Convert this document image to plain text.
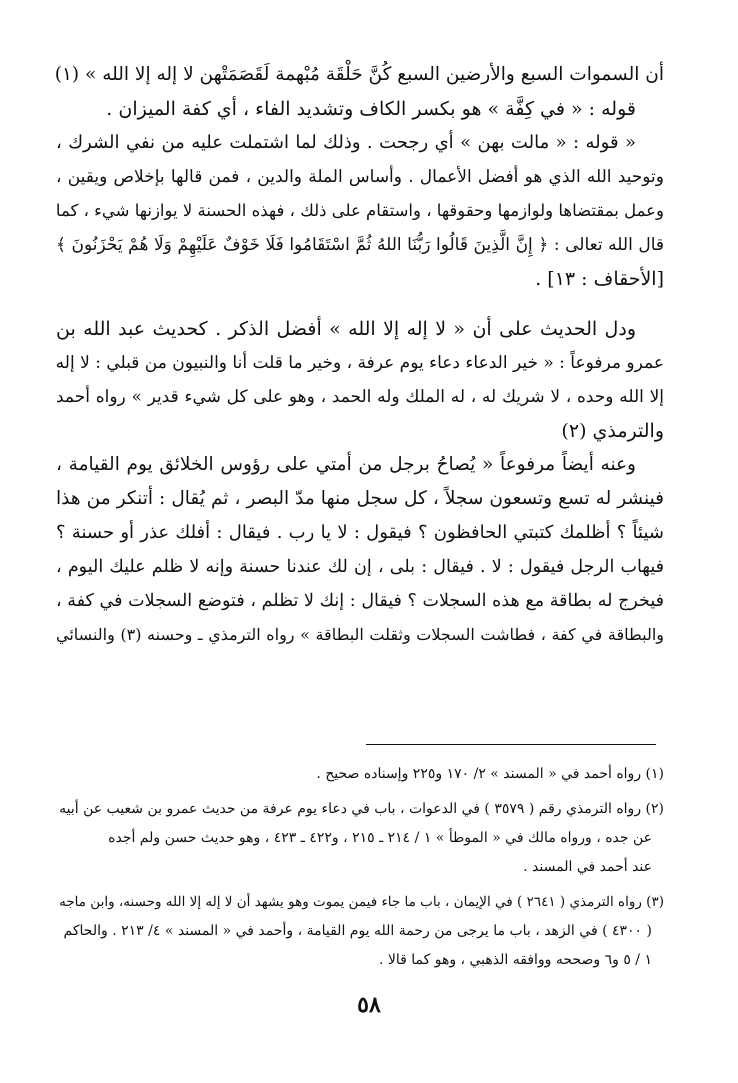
أن السموات السبع والأرضين السبع كُنَّ حَلْقَة مُبْهمة لَقَصَمَتْهن لا إله إلا الله » (١)
قوله : « في كِفَّة » هو بكسر الكاف وتشديد الفاء ، أي كفة الميزان .
« قوله : « مالت بهن » أي رجحت . وذلك لما اشتملت عليه من نفي الشرك ،
وتوحيد الله الذي هو أفضل الأعمال . وأساس الملة والدين ، فمن قالها بإخلاص ويقين ،
وعمل بمقتضاها ولوازمها وحقوقها ، واستقام على ذلك ، فهذه الحسنة لا يوازنها شيء ، كما
قال الله تعالى : ﴿ إِنَّ الَّذِينَ قَالُوا رَبُّنَا اللهُ ثُمَّ اسْتَقَامُوا فَلَا خَوْفٌ عَلَيْهِمْ وَلَا هُمْ يَحْزَنُونَ ﴾
[الأحقاف : ١٣] .
ودل الحديث على أن « لا إله إلا الله » أفضل الذكر . كحديث عبد الله بن
عمرو مرفوعاً : « خير الدعاء دعاء يوم عرفة ، وخير ما قلت أنا والنبيون من قبلي : لا إله
إلا الله وحده ، لا شريك له ، له الملك وله الحمد ، وهو على كل شيء قدير » رواه أحمد
والترمذي (٢)
وعنه أيضاً مرفوعاً « يُصاحُ برجل من أمتي على رؤوس الخلائق يوم القيامة ،
فينشر له تسع وتسعون سجلاً ، كل سجل منها مدّ البصر ، ثم يُقال : أتنكر من هذا
شيئاً ؟ أظلمك كتبتي الحافظون ؟ فيقول : لا يا رب . فيقال : أفلك عذر أو حسنة ؟
فيهاب الرجل فيقول : لا . فيقال : بلى ، إن لك عندنا حسنة وإنه لا ظلم عليك اليوم ،
فيخرج له بطاقة مع هذه السجلات ؟ فيقال : إنك لا تظلم ، فتوضع السجلات في كفة ،
والبطاقة في كفة ، فطاشت السجلات وثقلت البطاقة » رواه الترمذي ـ وحسنه (٣) والنسائي
(١) رواه أحمد في « المسند » ٢/ ١٧٠ و٢٢٥ وإسناده صحيح .
(٢) رواه الترمذي رقم ( ٣٥٧٩ ) في الدعوات ، باب في دعاء يوم عرفة من حديث عمرو بن شعيب عن أبيه
عن جده ، ورواه مالك في « الموطأ » ١ / ٢١٤ ـ ٢١٥ ، و٤٢٢ ـ ٤٢٣ ، وهو حديث حسن ولم أجده
عند أحمد في المسند .
(٣) رواه الترمذي ( ٢٦٤١ ) في الإيمان ، باب ما جاء فيمن يموت وهو يشهد أن لا إله إلا الله وحسنه، وابن ماجه
( ٤٣٠٠ ) في الزهد ، باب ما يرجى من رحمة الله يوم القيامة ، وأحمد في « المسند » ٤/ ٢١٣ . والحاكم
١ / ٥ و٦ وصححه ووافقه الذهبي ، وهو كما قالا .
٥٨
